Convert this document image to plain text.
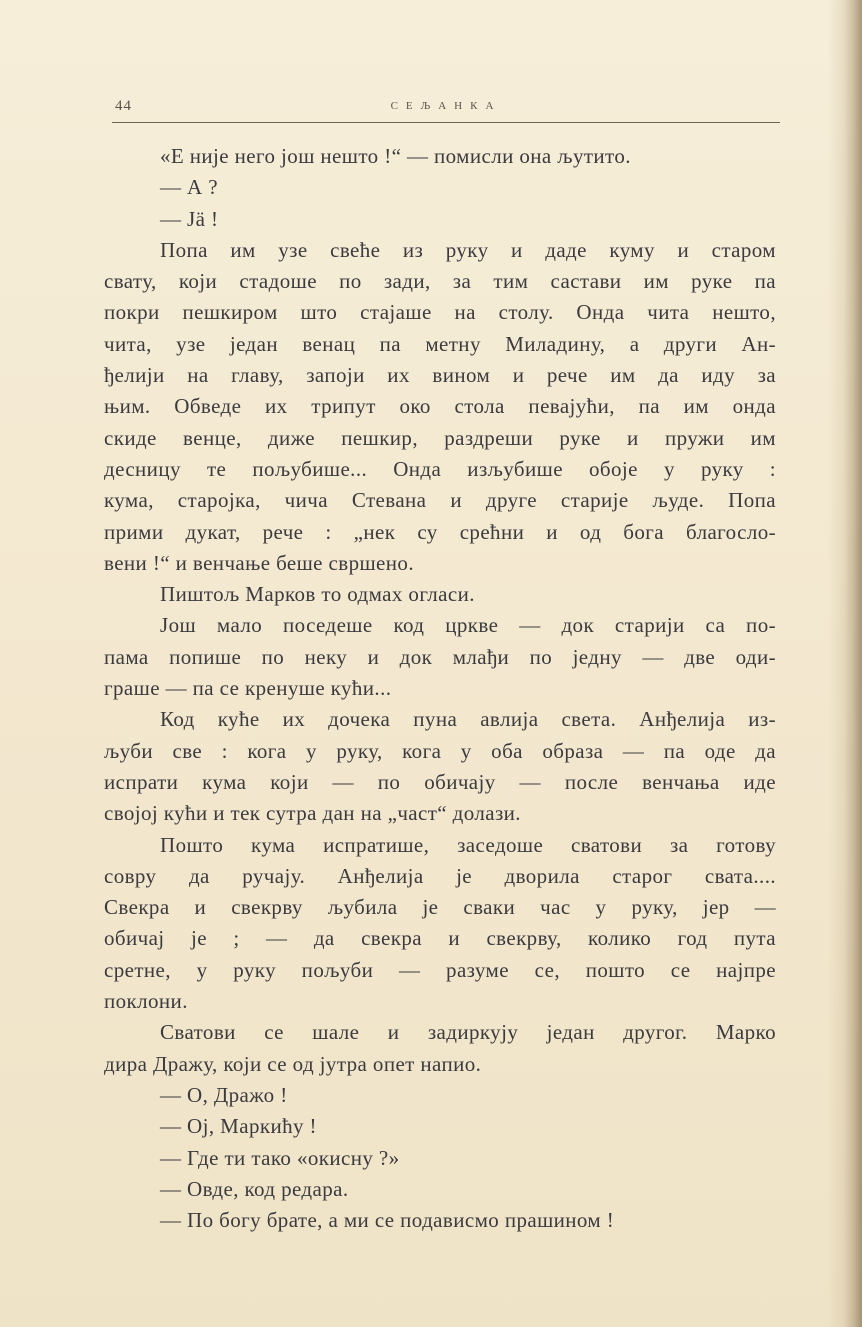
44	СЕЉАНКА
«Е није него још нешто !“ — помисли она љутито.
— А ?
— Jä !
Попа им узе свеће из руку и даде куму и старом
свату, који стадоше по зади, за тим састави им руке па
покри пешкиром што стајаше на столу. Онда чита нешто,
чита, узе један венац па метну Миладину, а други Ан-
ђелији на главу, запоји их вином и рече им да иду за
њим. Обведе их трипут око стола певајући, па им онда
скиде венце, диже пешкир, раздреши руке и пружи им
десницу те пољубише... Онда изљубише обоје у руку :
кума, старојка, чича Стевана и друге старије људе. Попа
прими дукат, рече : „нек су срећни и од бога благосло-
вени !“ и венчање беше свршено.
Пиштољ Марков то одмах огласи.
Још мало поседеше код цркве — док старији са по-
пама попише по неку и док млађи по једну — две оди-
граше — па се кренуше кући...
Код куће их дочека пуна авлија света. Анђелија из-
љуби све : кога у руку, кога у оба образа — па оде да
испрати кума који — по обичају — после венчања иде
својој кући и тек сутра дан на „част“ долази.
Пошто кума испратише, заседоше сватови за готову
совру да ручају. Анђелија је дворила старог свата....
Свекра и свекрву љубила је сваки час у руку, јер —
обичај је ; — да свекра и свекрву, колико год пута
сретне, у руку пољуби — разуме се, пошто се најпре
поклони.
Сватови се шале и задиркују један другог. Марко
дира Дражу, који се од јутра опет напио.
— О, Дражо !
— Ој, Маркићу !
— Где ти тако «окисну ?»
— Овде, код редара.
— По богу брате, а ми се подависмо прашином !
